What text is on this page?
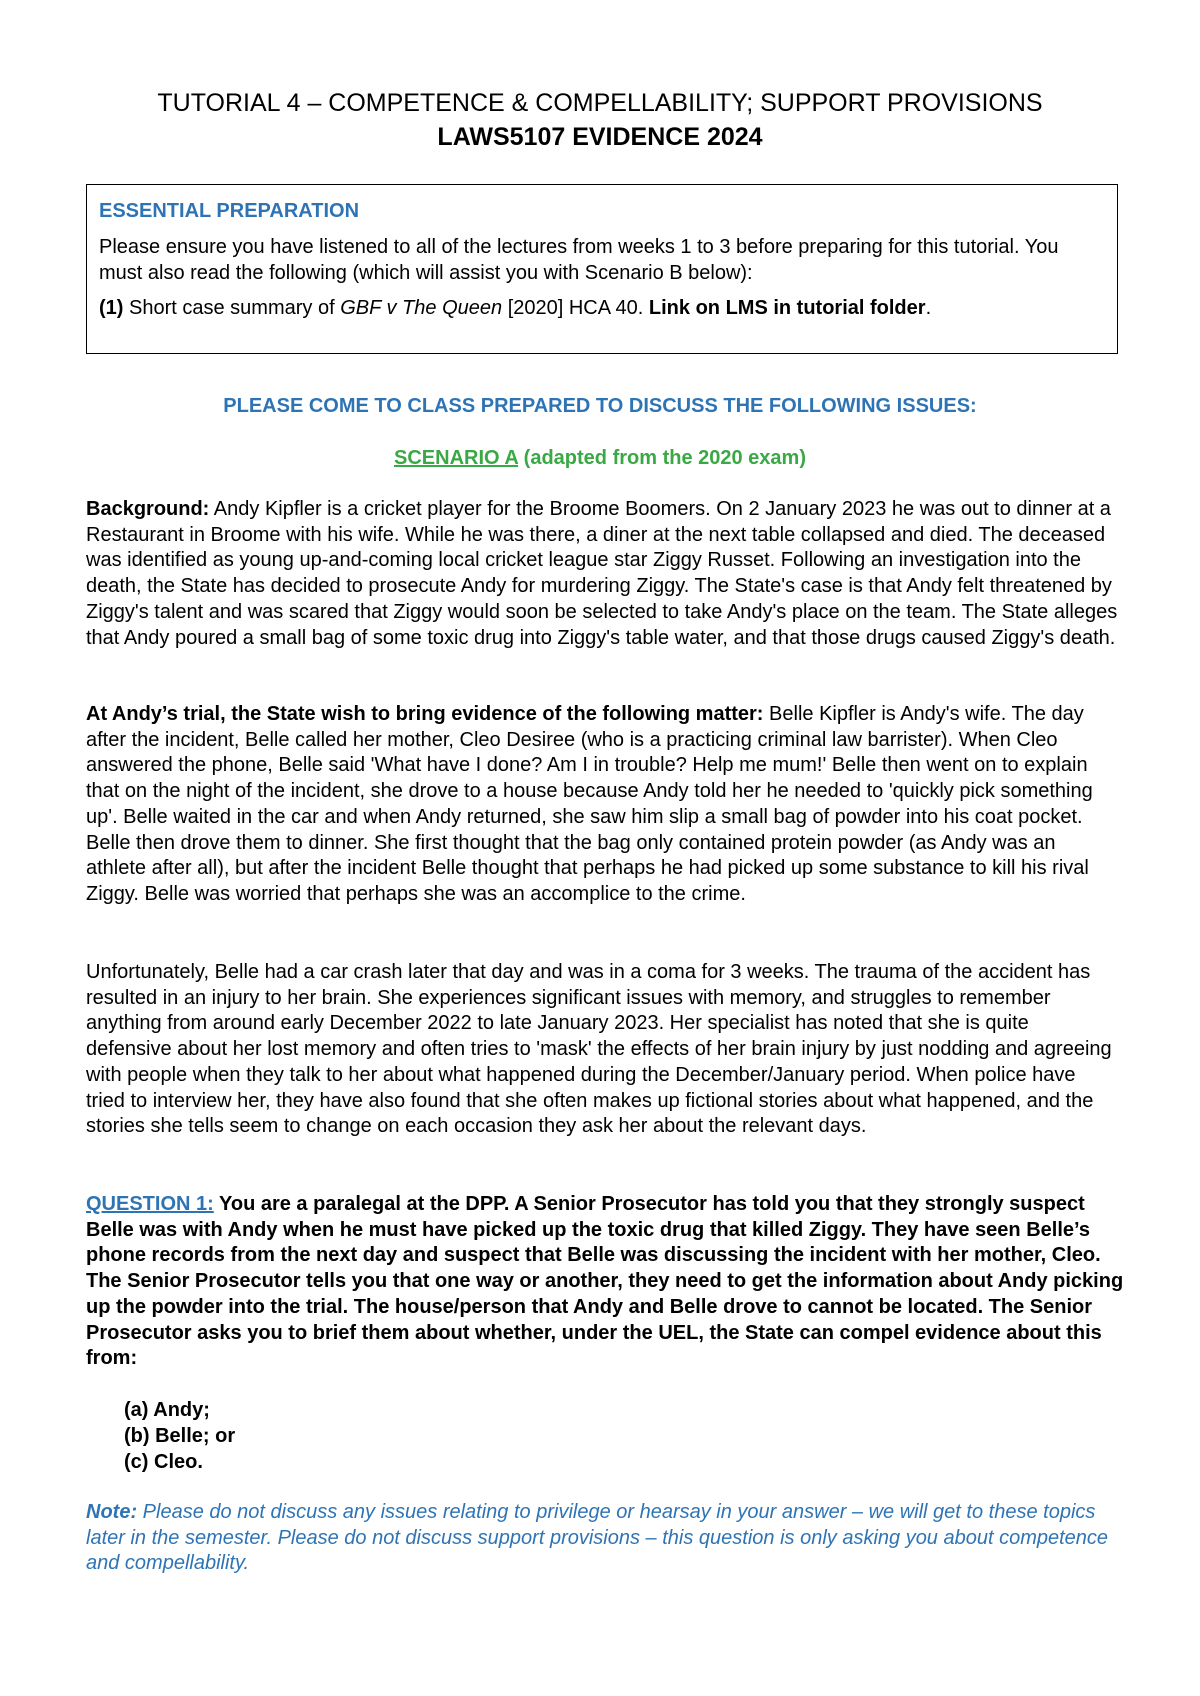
TUTORIAL 4 – COMPETENCE & COMPELLABILITY; SUPPORT PROVISIONS
LAWS5107 EVIDENCE 2024
ESSENTIAL PREPARATION

Please ensure you have listened to all of the lectures from weeks 1 to 3 before preparing for this tutorial. You must also read the following (which will assist you with Scenario B below):

(1) Short case summary of GBF v The Queen [2020] HCA 40. Link on LMS in tutorial folder.

PLEASE COME TO CLASS PREPARED TO DISCUSS THE FOLLOWING ISSUES:
SCENARIO A (adapted from the 2020 exam)

Background: Andy Kipfler is a cricket player for the Broome Boomers. On 2 January 2023 he was out to dinner at a Restaurant in Broome with his wife. While he was there, a diner at the next table collapsed and died. The deceased was identified as young up-and-coming local cricket league star Ziggy Russet. Following an investigation into the death, the State has decided to prosecute Andy for murdering Ziggy. The State's case is that Andy felt threatened by Ziggy's talent and was scared that Ziggy would soon be selected to take Andy's place on the team. The State alleges that Andy poured a small bag of some toxic drug into Ziggy's table water, and that those drugs caused Ziggy's death.

At Andy’s trial, the State wish to bring evidence of the following matter: Belle Kipfler is Andy's wife. The day after the incident, Belle called her mother, Cleo Desiree (who is a practicing criminal law barrister). When Cleo answered the phone, Belle said 'What have I done? Am I in trouble? Help me mum!' Belle then went on to explain that on the night of the incident, she drove to a house because Andy told her he needed to 'quickly pick something up'. Belle waited in the car and when Andy returned, she saw him slip a small bag of powder into his coat pocket. Belle then drove them to dinner. She first thought that the bag only contained protein powder (as Andy was an athlete after all), but after the incident Belle thought that perhaps he had picked up some substance to kill his rival Ziggy. Belle was worried that perhaps she was an accomplice to the crime.

Unfortunately, Belle had a car crash later that day and was in a coma for 3 weeks. The trauma of the accident has resulted in an injury to her brain. She experiences significant issues with memory, and struggles to remember anything from around early December 2022 to late January 2023. Her specialist has noted that she is quite defensive about her lost memory and often tries to 'mask' the effects of her brain injury by just nodding and agreeing with people when they talk to her about what happened during the December/January period. When police have tried to interview her, they have also found that she often makes up fictional stories about what happened, and the stories she tells seem to change on each occasion they ask her about the relevant days.

QUESTION 1: You are a paralegal at the DPP. A Senior Prosecutor has told you that they strongly suspect Belle was with Andy when he must have picked up the toxic drug that killed Ziggy. They have seen Belle’s phone records from the next day and suspect that Belle was discussing the incident with her mother, Cleo. The Senior Prosecutor tells you that one way or another, they need to get the information about Andy picking up the powder into the trial. The house/person that Andy and Belle drove to cannot be located. The Senior Prosecutor asks you to brief them about whether, under the UEL, the State can compel evidence about this from:

(a) Andy;
(b) Belle; or
(c) Cleo.

Note: Please do not discuss any issues relating to privilege or hearsay in your answer – we will get to these topics later in the semester. Please do not discuss support provisions – this question is only asking you about competence and compellability.
